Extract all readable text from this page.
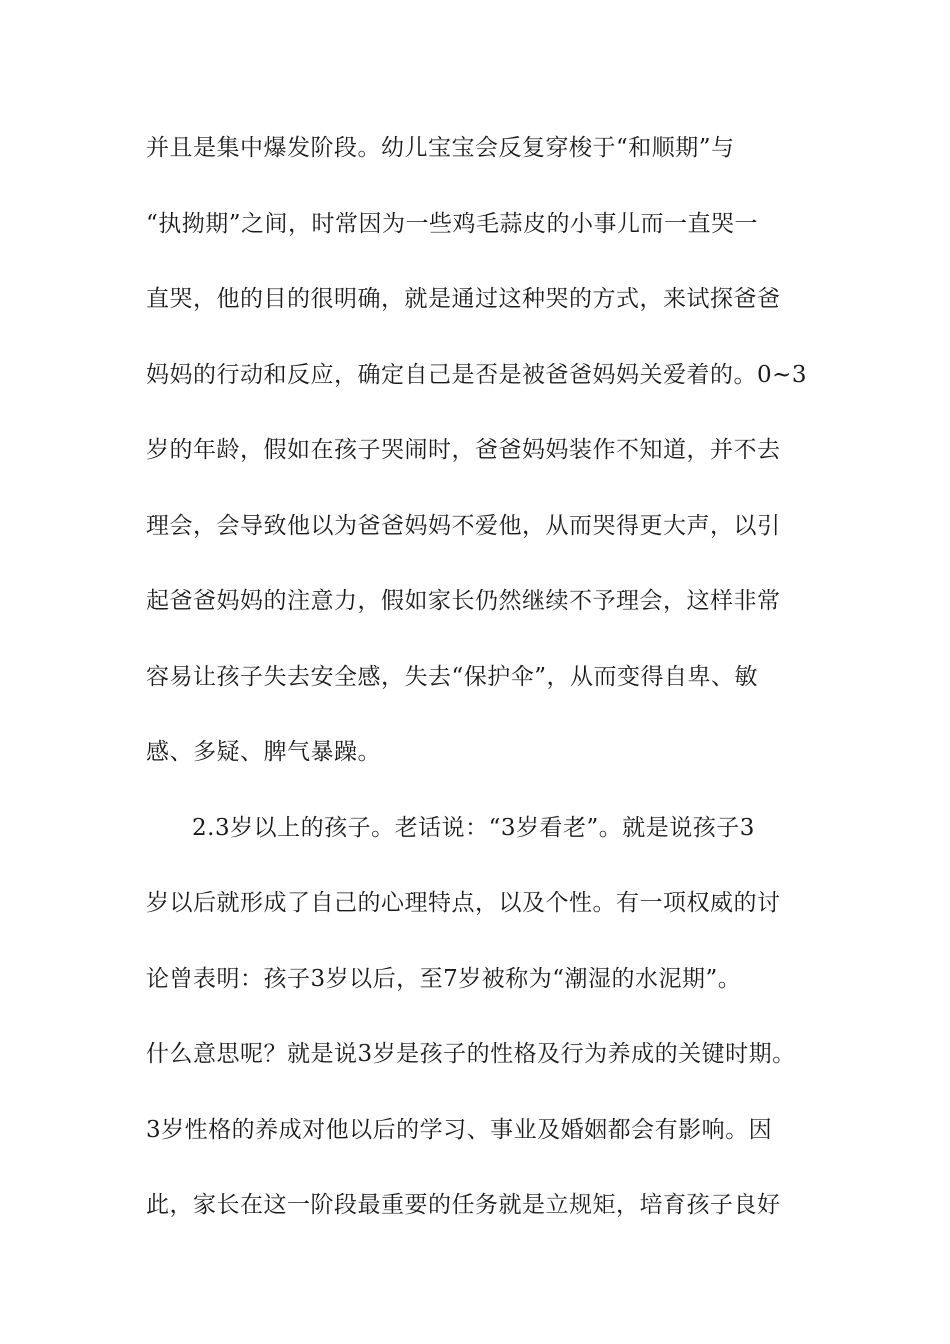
并且是集中爆发阶段。幼儿宝宝会反复穿梭于“和顺期”与
“执拗期”之间，时常因为一些鸡毛蒜皮的小事儿而一直哭一
直哭，他的目的很明确，就是通过这种哭的方式，来试探爸爸
妈妈的行动和反应，确定自己是否是被爸爸妈妈关爱着的。0~3
岁的年龄，假如在孩子哭闹时，爸爸妈妈装作不知道，并不去
理会，会导致他以为爸爸妈妈不爱他，从而哭得更大声，以引
起爸爸妈妈的注意力，假如家长仍然继续不予理会，这样非常
容易让孩子失去安全感，失去“保护伞”，从而变得自卑、敏
感、多疑、脾气暴躁。
2.3岁以上的孩子。老话说：“3岁看老”。就是说孩子3
岁以后就形成了自己的心理特点，以及个性。有一项权威的讨
论曾表明：孩子3岁以后，至7岁被称为“潮湿的水泥期”。
什么意思呢？就是说3岁是孩子的性格及行为养成的关键时期。
3岁性格的养成对他以后的学习、事业及婚姻都会有影响。因
此，家长在这一阶段最重要的任务就是立规矩，培育孩子良好
